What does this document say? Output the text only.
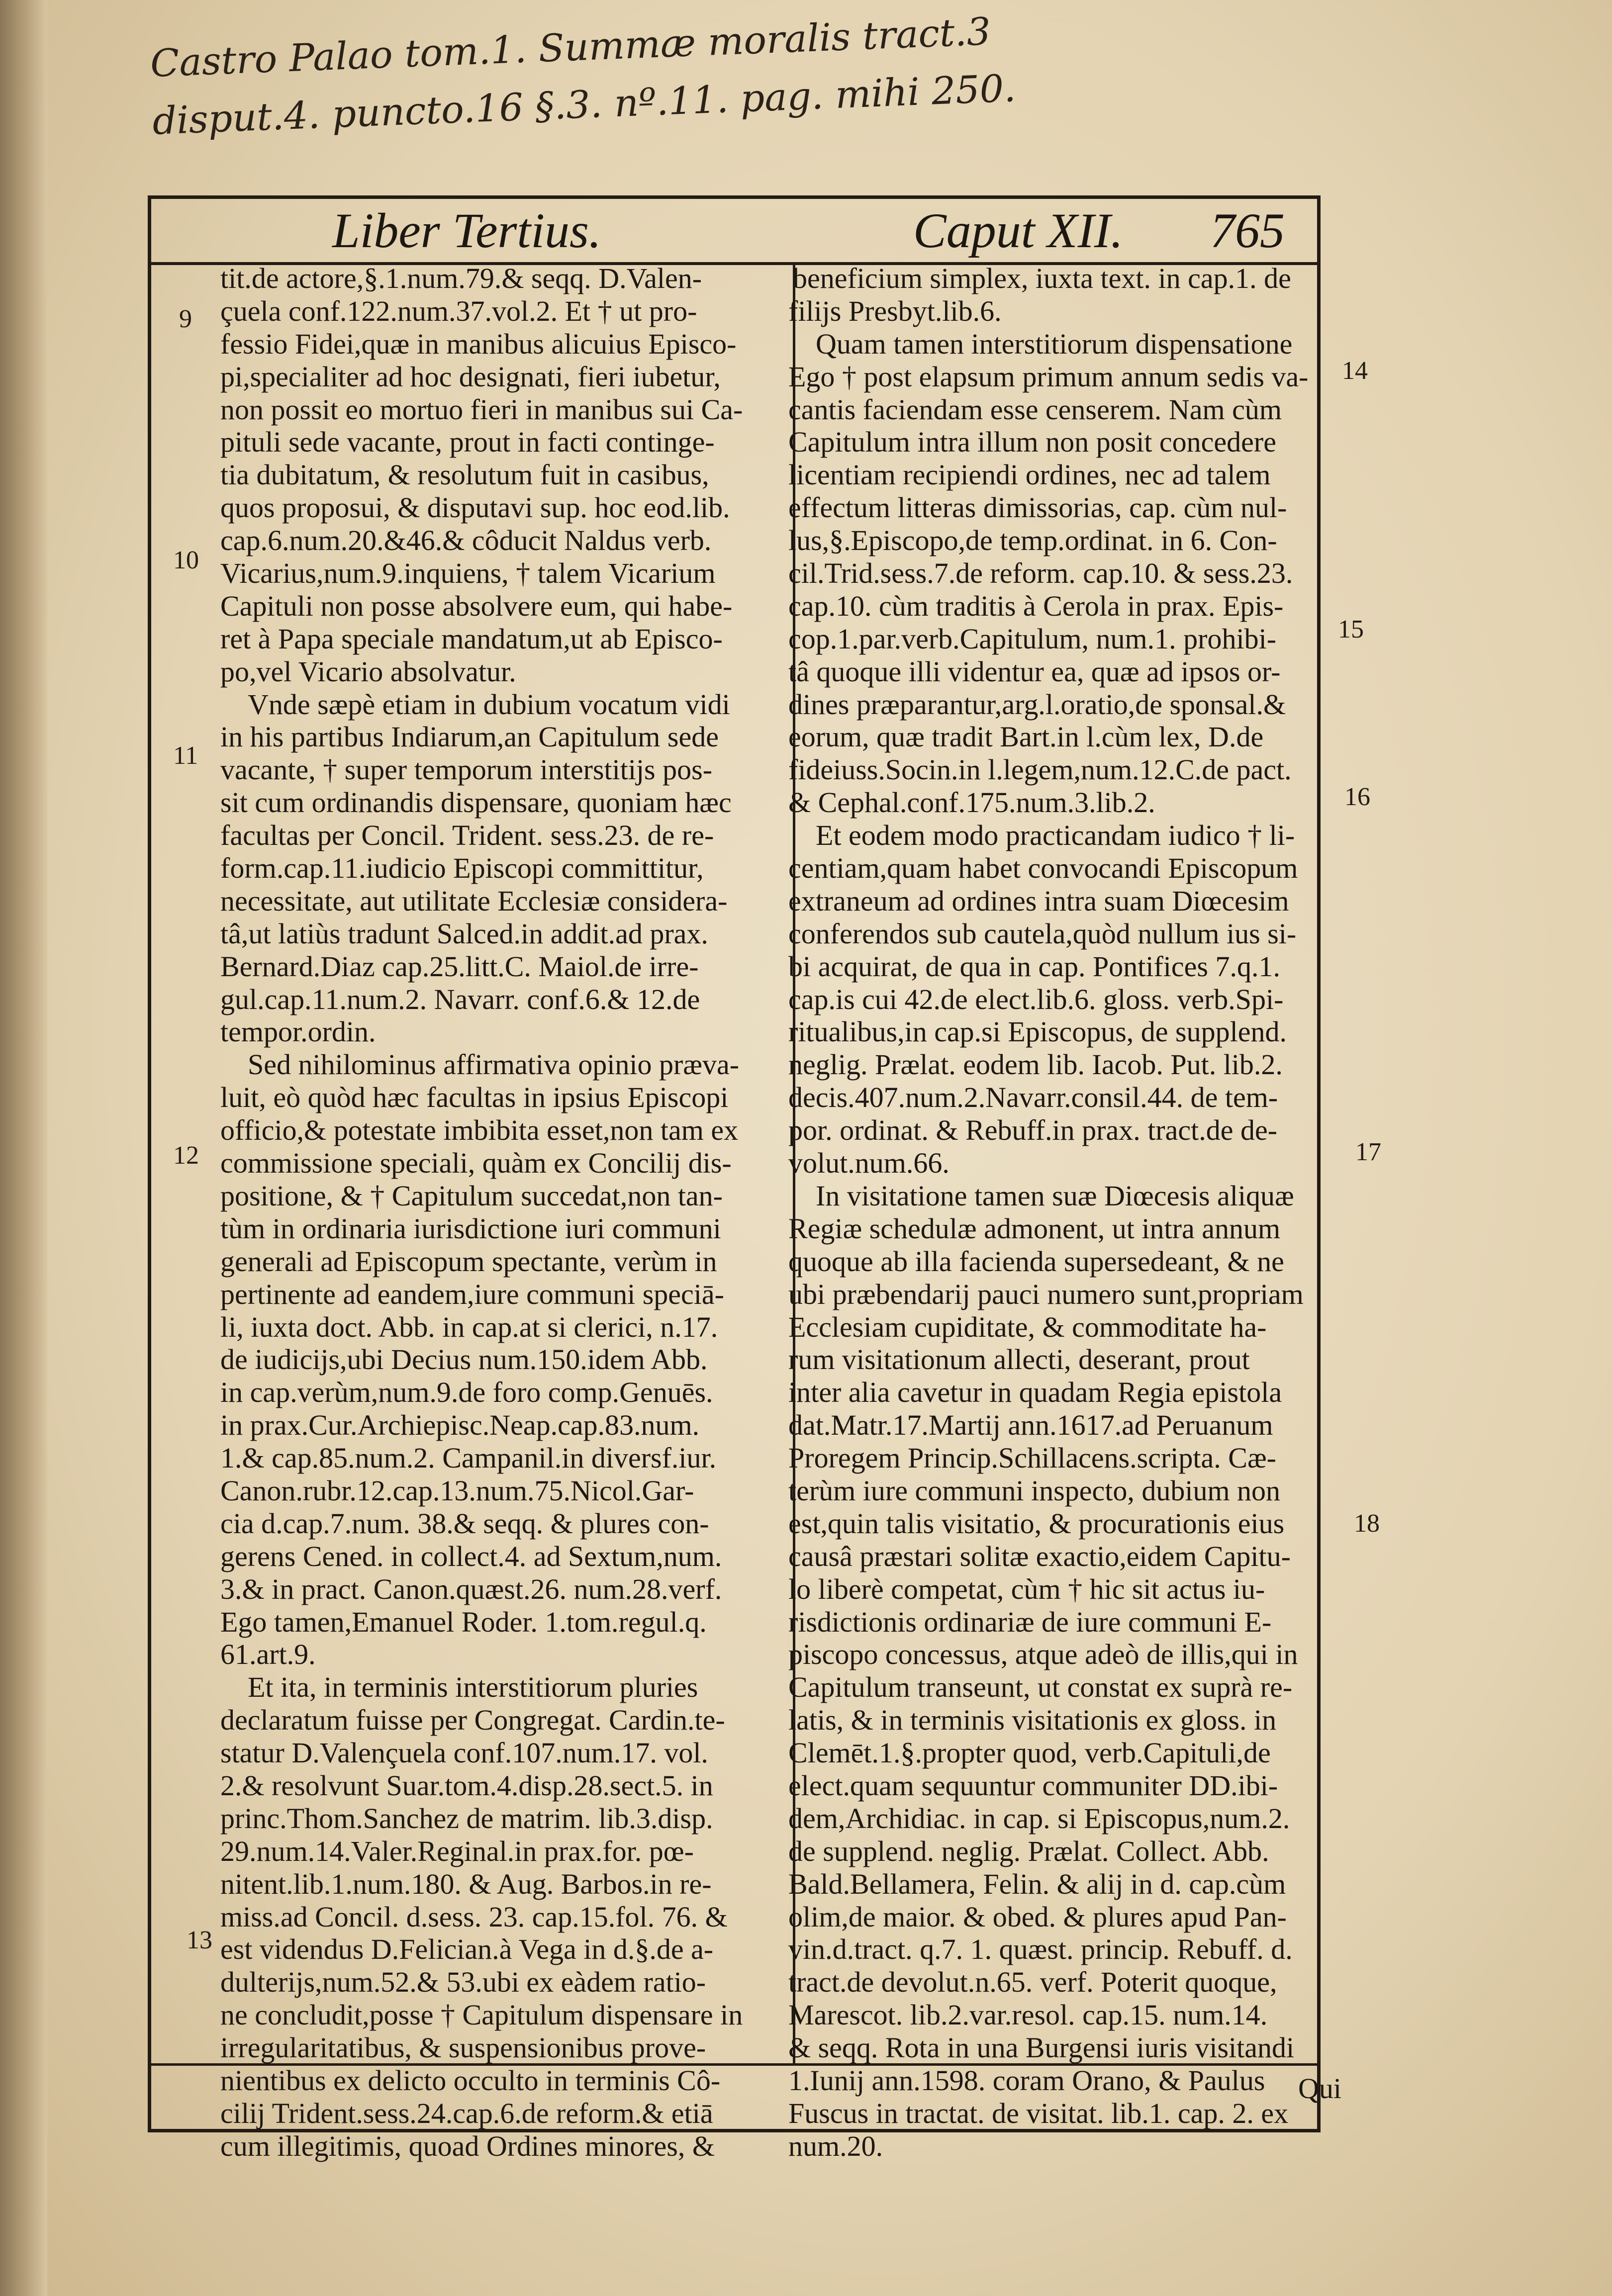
Castro Palao tom.1. Summæ moralis tract.3
disput.4. puncto.16 §.3. nº.11. pag. mihi 250.
Liber Tertius.	Caput XII. 765
tit.de actore,§.1.num.79.& seqq. D.Valen-
çuela conf.122.num.37.vol.2. Et † ut pro-
fessio Fidei,quæ in manibus alicuius Episco-
pi,specialiter ad hoc designati, fieri iubetur,
non possit eo mortuo fieri in manibus sui Ca-
pituli sede vacante, prout in facti continge-
tia dubitatum, & resolutum fuit in casibus,
quos proposui, & disputavi sup. hoc eod.lib.
cap.6.num.20.&46.& côducit Naldus verb.
Vicarius,num.9.inquiens, † talem Vicarium
Capituli non posse absolvere eum, qui habe-
ret à Papa speciale mandatum,ut ab Episco-
po,vel Vicario absolvatur.
Vnde sæpè etiam in dubium vocatum vidi
in his partibus Indiarum,an Capitulum sede
vacante, † super temporum interstitijs pos-
sit cum ordinandis dispensare, quoniam hæc
facultas per Concil. Trident. sess.23. de re-
form.cap.11.iudicio Episcopi committitur,
necessitate, aut utilitate Ecclesiæ considera-
tâ,ut latiùs tradunt Salced.in addit.ad prax.
Bernard.Diaz cap.25.litt.C. Maiol.de irre-
gul.cap.11.num.2. Navarr. conf.6.& 12.de
tempor.ordin.
Sed nihilominus affirmativa opinio præva-
luit, eò quòd hæc facultas in ipsius Episcopi
officio,& potestate imbibita esset,non tam ex
commissione speciali, quàm ex Concilij dis-
positione, & † Capitulum succedat,non tan-
tùm in ordinaria iurisdictione iuri communi
generali ad Episcopum spectante, verùm in
pertinente ad eandem,iure communi speciā-
li, iuxta doct. Abb. in cap.at si clerici, n.17.
de iudicijs,ubi Decius num.150.idem Abb.
in cap.verùm,num.9.de foro comp.Genuēs.
in prax.Cur.Archiepisc.Neap.cap.83.num.
1.& cap.85.num.2. Campanil.in diversf.iur.
Canon.rubr.12.cap.13.num.75.Nicol.Gar-
cia d.cap.7.num. 38.& seqq. & plures con-
gerens Cened. in collect.4. ad Sextum,num.
3.& in pract. Canon.quæst.26. num.28.verf.
Ego tamen,Emanuel Roder. 1.tom.regul.q.
61.art.9.
Et ita, in terminis interstitiorum pluries
declaratum fuisse per Congregat. Cardin.te-
statur D.Valençuela conf.107.num.17. vol.
2.& resolvunt Suar.tom.4.disp.28.sect.5. in
princ.Thom.Sanchez de matrim. lib.3.disp.
29.num.14.Valer.Reginal.in prax.for. pœ-
nitent.lib.1.num.180. & Aug. Barbos.in re-
miss.ad Concil. d.sess. 23. cap.15.fol. 76. &
est videndus D.Felician.à Vega in d.§.de a-
dulterijs,num.52.& 53.ubi ex eàdem ratio-
ne concludit,posse † Capitulum dispensare in
irregularitatibus, & suspensionibus prove-
nientibus ex delicto occulto in terminis Cô-
cilij Trident.sess.24.cap.6.de reform.& etiā
cum illegitimis, quoad Ordines minores, &
beneficium simplex, iuxta text. in cap.1. de
filijs Presbyt.lib.6.
Quam tamen interstitiorum dispensatione
Ego † post elapsum primum annum sedis va-
cantis faciendam esse censerem. Nam cùm
Capitulum intra illum non posit concedere
licentiam recipiendi ordines, nec ad talem
effectum litteras dimissorias, cap. cùm nul-
lus,§.Episcopo,de temp.ordinat. in 6. Con-
cil.Trid.sess.7.de reform. cap.10. & sess.23.
cap.10. cùm traditis à Cerola in prax. Epis-
cop.1.par.verb.Capitulum, num.1. prohibi-
tâ quoque illi videntur ea, quæ ad ipsos or-
dines præparantur,arg.l.oratio,de sponsal.&
eorum, quæ tradit Bart.in l.cùm lex, D.de
fideiuss.Socin.in l.legem,num.12.C.de pact.
& Cephal.conf.175.num.3.lib.2.
Et eodem modo practicandam iudico † li-
centiam,quam habet convocandi Episcopum
extraneum ad ordines intra suam Diœcesim
conferendos sub cautela,quòd nullum ius si-
bi acquirat, de qua in cap. Pontifices 7.q.1.
cap.is cui 42.de elect.lib.6. gloss. verb.Spi-
ritualibus,in cap.si Episcopus, de supplend.
neglig. Prælat. eodem lib. Iacob. Put. lib.2.
decis.407.num.2.Navarr.consil.44. de tem-
por. ordinat. & Rebuff.in prax. tract.de de-
volut.num.66.
In visitatione tamen suæ Diœcesis aliquæ
Regiæ schedulæ admonent, ut intra annum
quoque ab illa facienda supersedeant, & ne
ubi præbendarij pauci numero sunt,propriam
Ecclesiam cupiditate, & commoditate ha-
rum visitationum allecti, deserant, prout
inter alia cavetur in quadam Regia epistola
dat.Matr.17.Martij ann.1617.ad Peruanum
Proregem Princip.Schillacens.scripta. Cæ-
terùm iure communi inspecto, dubium non
est,quin talis visitatio, & procurationis eius
causâ præstari solitæ exactio,eidem Capitu-
lo liberè competat, cùm † hic sit actus iu-
risdictionis ordinariæ de iure communi E-
piscopo concessus, atque adeò de illis,qui in
Capitulum transeunt, ut constat ex suprà re-
latis, & in terminis visitationis ex gloss. in
Clemēt.1.§.propter quod, verb.Capituli,de
elect.quam sequuntur communiter DD.ibi-
dem,Archidiac. in cap. si Episcopus,num.2.
de supplend. neglig. Prælat. Collect. Abb.
Bald.Bellamera, Felin. & alij in d. cap.cùm
olim,de maior. & obed. & plures apud Pan-
vin.d.tract. q.7. 1. quæst. princip. Rebuff. d.
tract.de devolut.n.65. verf. Poterit quoque,
Marescot. lib.2.var.resol. cap.15. num.14.
& seqq. Rota in una Burgensi iuris visitandi
1.Iunij ann.1598. coram Orano, & Paulus
Fuscus in tractat. de visitat. lib.1. cap. 2. ex
num.20.
9
10
11
12
13
14
15
16
17
18
Qui
